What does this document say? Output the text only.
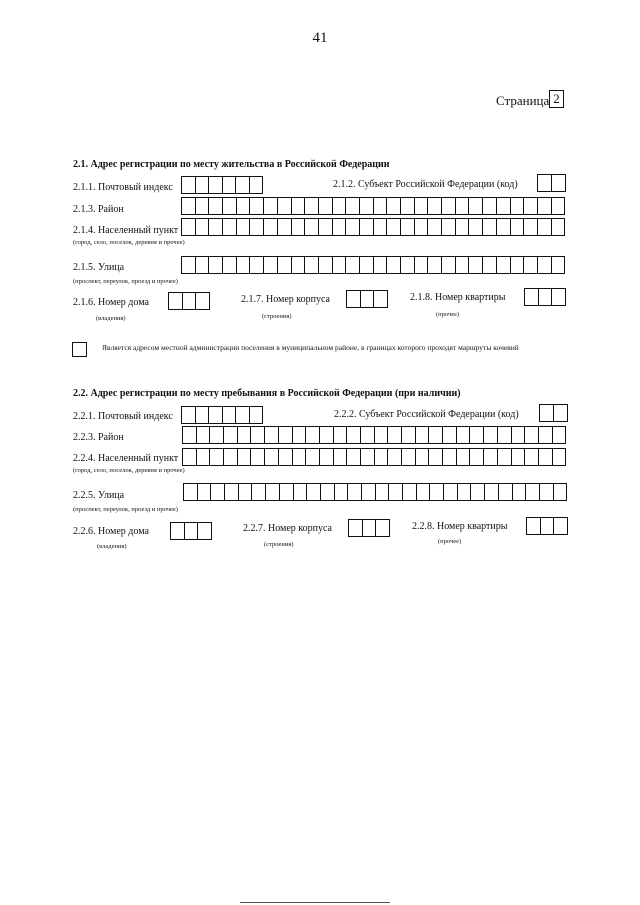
41
Страница 2
2.1. Адрес регистрации по месту жительства в Российской Федерации
2.1.1. Почтовый индекс	2.1.2. Субъект Российской Федерации (код)
2.1.3. Район
2.1.4. Населенный пункт
(город, село, поселок, деревня и прочее)
2.1.5. Улица
(проспект, переулок, проезд и прочее)
2.1.6. Номер дома
(владения)
2.1.7. Номер корпуса
(строения)
2.1.8. Номер квартиры
(прочее)
Является адресом местной администрации поселения в муниципальном районе, в границах которого проходят маршруты кочевий
2.2. Адрес регистрации по месту пребывания в Российской Федерации (при наличии)
2.2.1. Почтовый индекс	2.2.2. Субъект Российской Федерации (код)
2.2.3. Район
2.2.4. Населенный пункт
(город, село, поселок, деревня и прочее)
2.2.5. Улица
(проспект, переулок, проезд и прочее)
2.2.6. Номер дома
(владения)
2.2.7. Номер корпуса
(строения)
2.2.8. Номер квартиры
(прочее)
